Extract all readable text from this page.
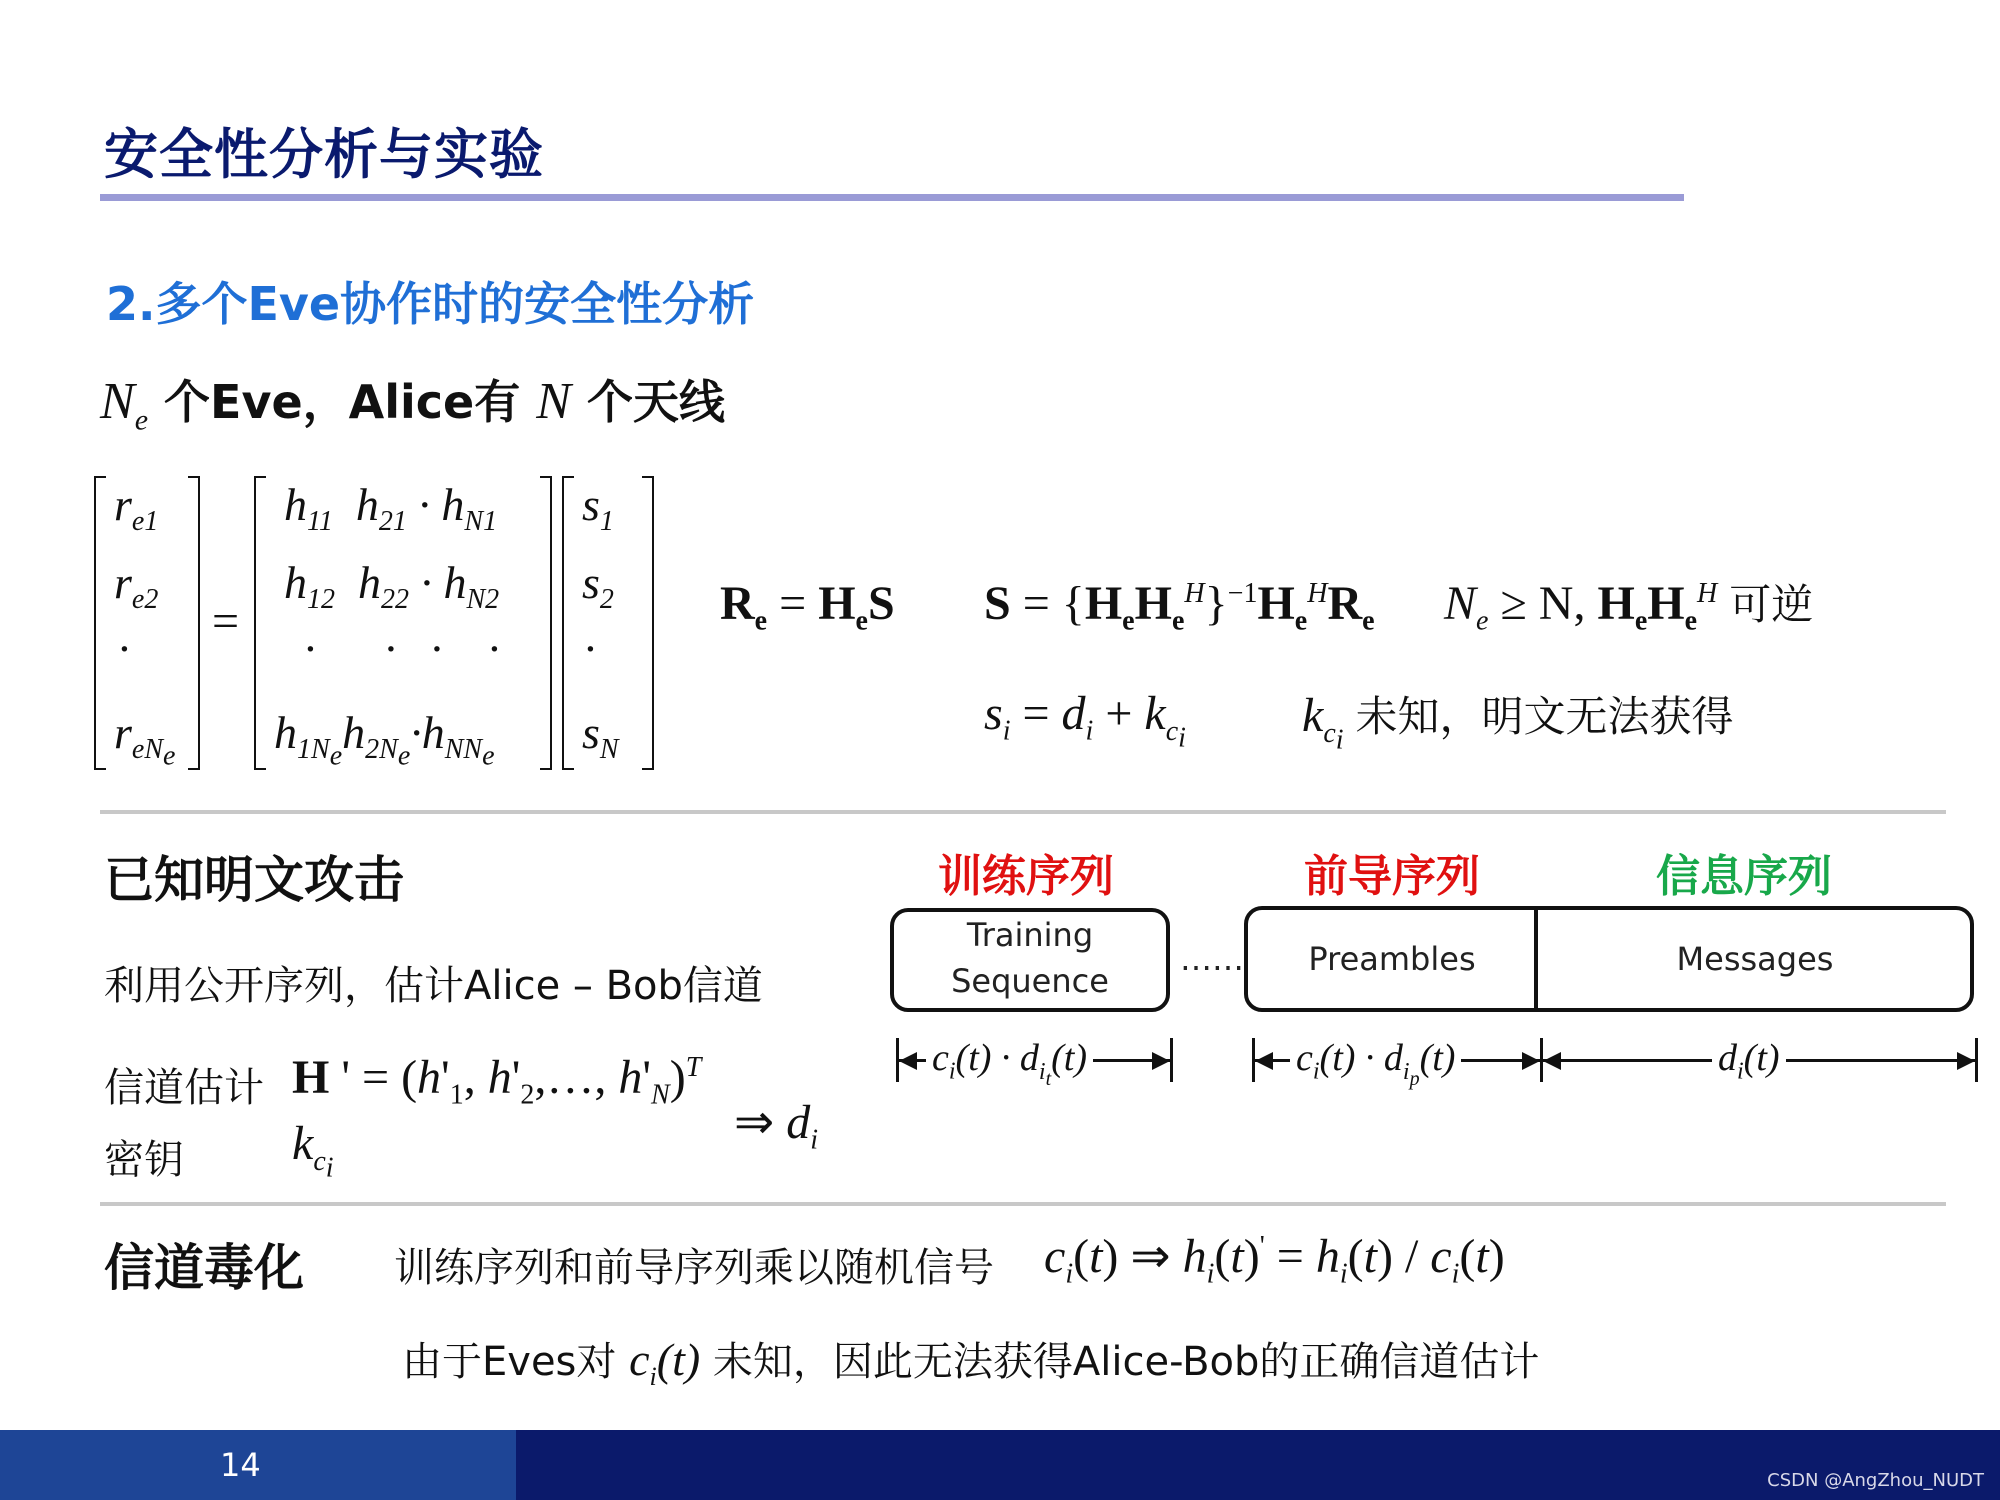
安全性分析与实验
2.多个Eve协作时的安全性分析
$N_e$ 个Eve，Alice有 N 个天线
$r_{e1}$
$r_{e2}$
·
$r_{eN_e}$
=
$h_{11}$  $h_{21} \cdot h_{N1}$
$h_{12}$  $h_{22} \cdot h_{N2}$
·      ·   ·    ·
$h_{1N_e}h_{2N_e}\cdot h_{NN_e}$
$s_1$
$s_2$
·
$s_N$
$R_e = H_eS$ $S = \{H_eH_e^H\}^{-1}H_e^HR_e$ $N_e \ge N$, $H_eH_e^H$ 可逆
$s_i = d_i + k_{c_i}$ $k_{c_i}$ 未知，明文无法获得
已知明文攻击
利用公开序列，估计Alice – Bob信道
信道估计 H ' = ($h'_1$, $h'_2,\dots$, $h'_N)^T$
密钥 $k_{c_i}$
⇒ $d_i$
训练序列	前导序列	信息序列
Training
Sequence
……	Preambles	Messages
$c_i(t) \cdot d_{i_t}(t)$	$c_i(t) \cdot d_{i_p}(t)$	$d_i(t)$
信道毒化 训练序列和前导序列乘以随机信号 $c_i(t)$ ⇒ $h_i(t)' = h_i(t) / c_i(t)$
由于Eves对 $c_i(t)$ 未知，因此无法获得Alice-Bob的正确信道估计
14	CSDN @AngZhou_NUDT
